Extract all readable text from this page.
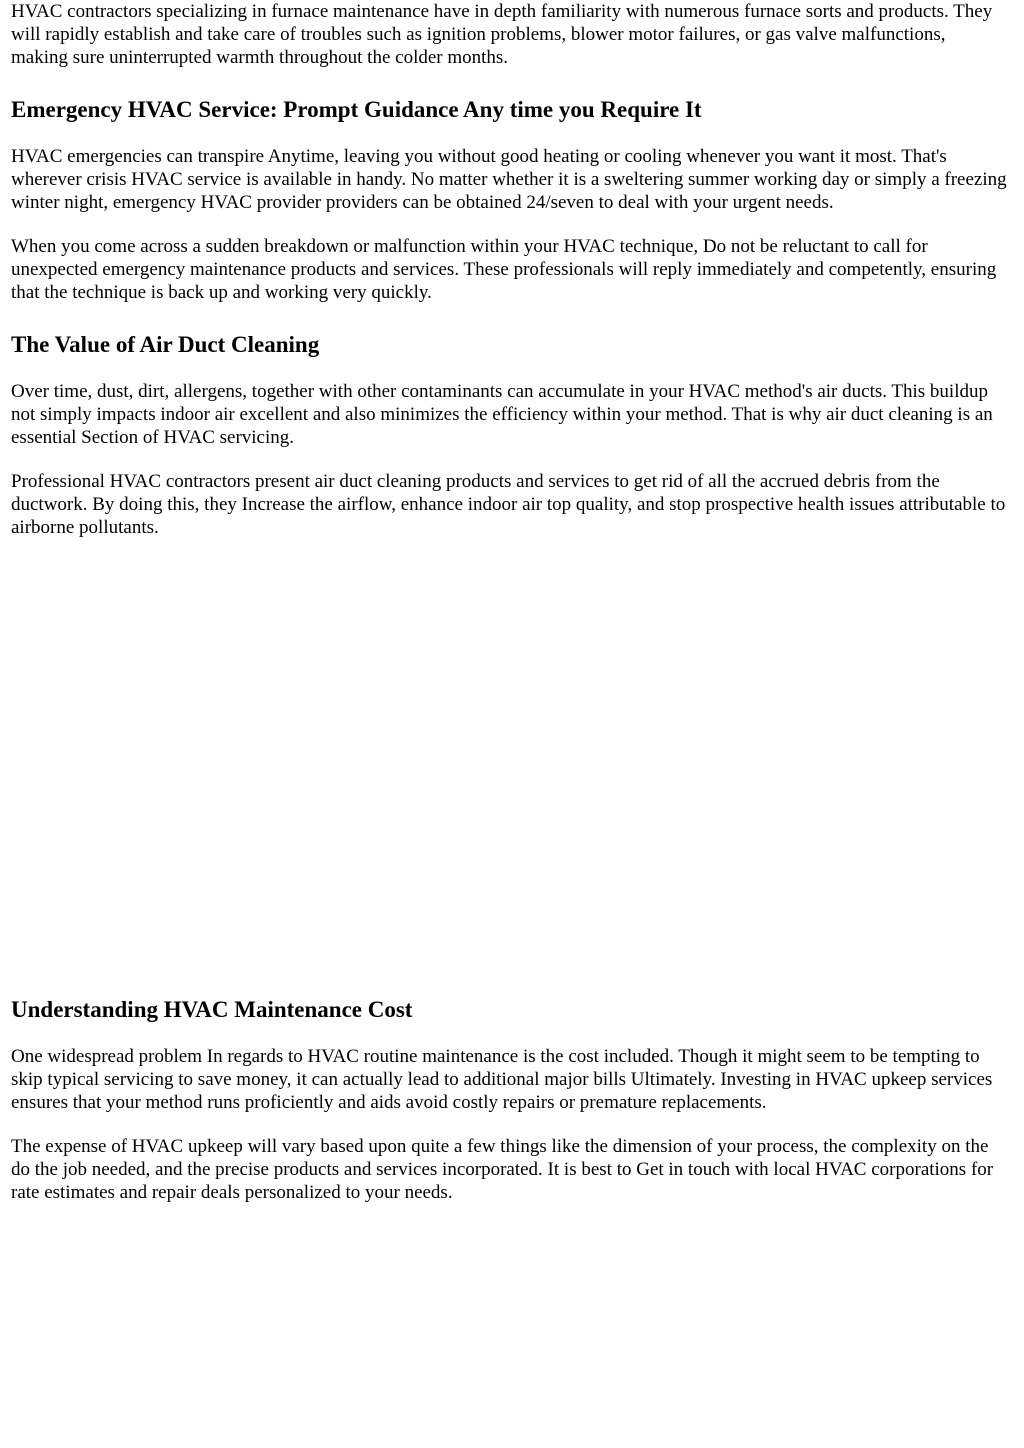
HVAC contractors specializing in furnace maintenance have in depth familiarity with numerous furnace sorts and products. They will rapidly establish and take care of troubles such as ignition problems, blower motor failures, or gas valve malfunctions, making sure uninterrupted warmth throughout the colder months.

Emergency HVAC Service: Prompt Guidance Any time you Require It

HVAC emergencies can transpire Anytime, leaving you without good heating or cooling whenever you want it most. That's wherever crisis HVAC service is available in handy. No matter whether it is a sweltering summer working day or simply a freezing winter night, emergency HVAC provider providers can be obtained 24/seven to deal with your urgent needs.

When you come across a sudden breakdown or malfunction within your HVAC technique, Do not be reluctant to call for unexpected emergency maintenance products and services. These professionals will reply immediately and competently, ensuring that the technique is back up and working very quickly.

The Value of Air Duct Cleaning

Over time, dust, dirt, allergens, together with other contaminants can accumulate in your HVAC method's air ducts. This buildup not simply impacts indoor air excellent and also minimizes the efficiency within your method. That is why air duct cleaning is an essential Section of HVAC servicing.

Professional HVAC contractors present air duct cleaning products and services to get rid of all the accrued debris from the ductwork. By doing this, they Increase the airflow, enhance indoor air top quality, and stop prospective health issues attributable to airborne pollutants.

Understanding HVAC Maintenance Cost

One widespread problem In regards to HVAC routine maintenance is the cost included. Though it might seem to be tempting to skip typical servicing to save money, it can actually lead to additional major bills Ultimately. Investing in HVAC upkeep services ensures that your method runs proficiently and aids avoid costly repairs or premature replacements.

The expense of HVAC upkeep will vary based upon quite a few things like the dimension of your process, the complexity on the do the job needed, and the precise products and services incorporated. It is best to Get in touch with local HVAC corporations for rate estimates and repair deals personalized to your needs.
